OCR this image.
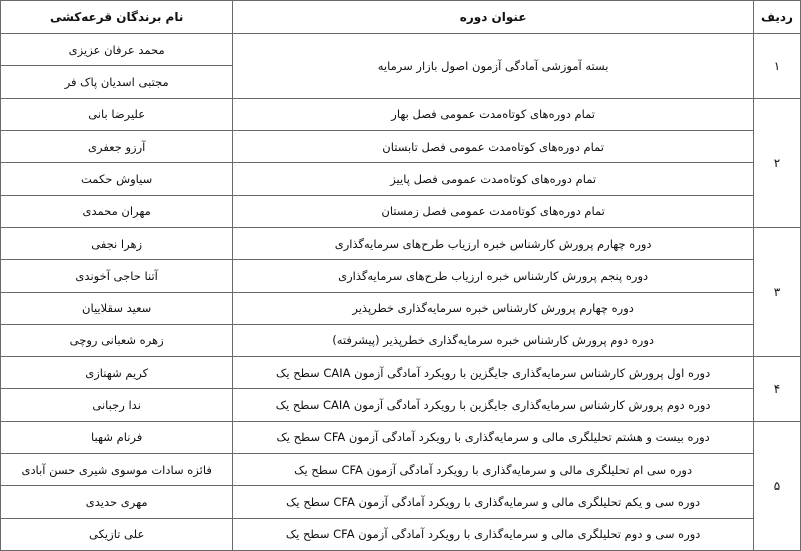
ردیف	عنوان دوره	نام برندگان قرعه‌کشی
۱	بسته آموزشی آمادگی آزمون اصول بازار سرمایه	محمد عرفان عزیزی
		مجتبی اسدیان پاک فر
۲	تمام دوره‌های کوتاه‌مدت عمومی فصل بهار	علیرضا بانی
	تمام دوره‌های کوتاه‌مدت عمومی فصل تابستان	آرزو جعفری
	تمام دوره‌های کوتاه‌مدت عمومی فصل پاییز	سیاوش حکمت
	تمام دوره‌های کوتاه‌مدت عمومی فصل زمستان	مهران محمدی
۳	دوره چهارم پرورش کارشناس خبره ارزیاب طرح‌های سرمایه‌گذاری	زهرا نجفی
	دوره پنجم پرورش کارشناس خبره ارزیاب طرح‌های سرمایه‌گذاری	آتنا حاجی آخوندی
	دوره چهارم پرورش کارشناس خبره سرمایه‌گذاری خطرپذیر	سعید سقلاییان
	دوره دوم پرورش کارشناس خبره سرمایه‌گذاری خطرپذیر (پیشرفته)	زهره شعبانی روچی
۴	دوره اول پرورش کارشناس سرمایه‌گذاری جایگزین با رویکرد آمادگی آزمون CAIA سطح یک	کریم شهنازی
	دوره دوم پرورش کارشناس سرمایه‌گذاری جایگزین با رویکرد آمادگی آزمون CAIA سطح یک	ندا رجبانی
۵	دوره بیست و هشتم تحلیلگری مالی و سرمایه‌گذاری با رویکرد آمادگی آزمون CFA سطح یک	فرنام شهبا
	دوره سی ام تحلیلگری مالی و سرمایه‌گذاری با رویکرد آمادگی آزمون CFA سطح یک	فائزه سادات موسوی شیری حسن آبادی
	دوره سی و یکم تحلیلگری مالی و سرمایه‌گذاری با رویکرد آمادگی آزمون CFA سطح یک	مهری حدیدی
	دوره سی و دوم تحلیلگری مالی و سرمایه‌گذاری با رویکرد آمادگی آزمون CFA سطح یک	علی تازیکی
